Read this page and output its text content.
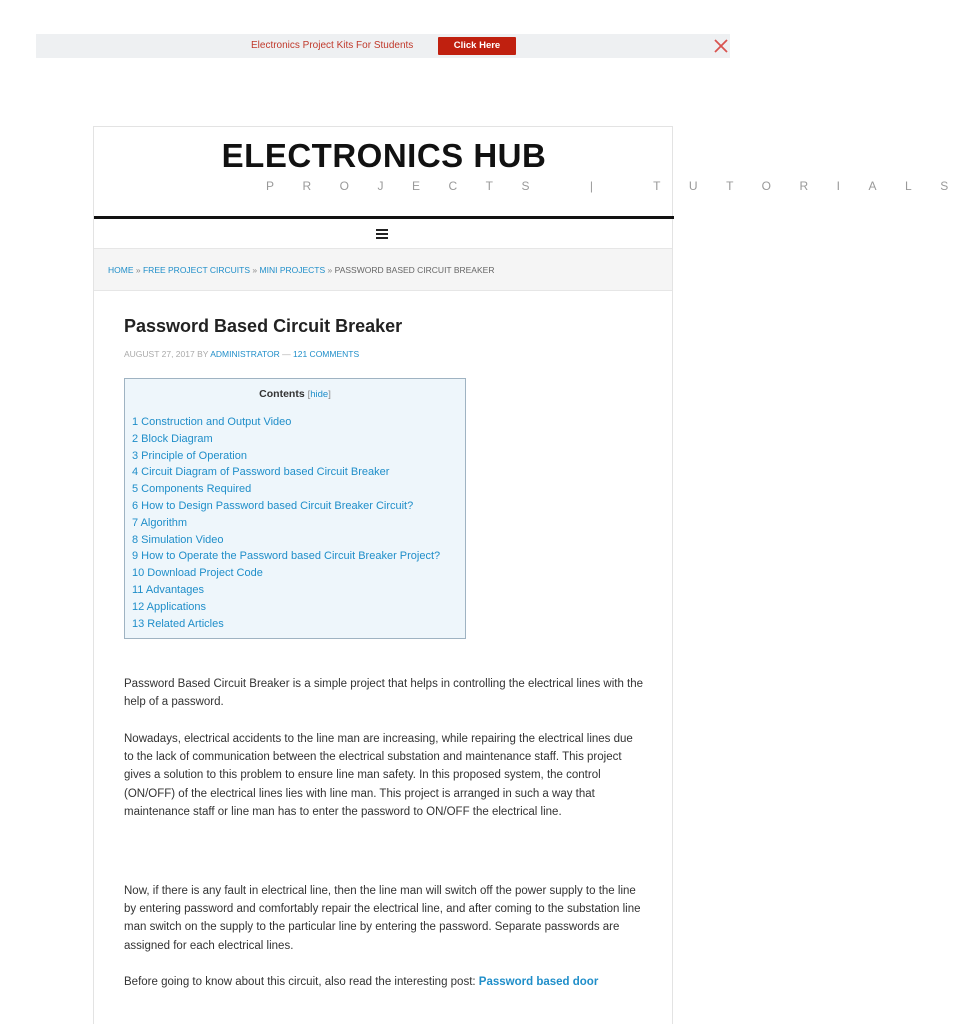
Electronics Project Kits For Students	Click Here
ELECTRONICS HUB
PROJECTS | TUTORIALS
HOME » FREE PROJECT CIRCUITS » MINI PROJECTS » PASSWORD BASED CIRCUIT BREAKER
Password Based Circuit Breaker
AUGUST 27, 2017 BY ADMINISTRATOR — 121 COMMENTS
Contents [hide]
1 Construction and Output Video
2 Block Diagram
3 Principle of Operation
4 Circuit Diagram of Password based Circuit Breaker
5 Components Required
6 How to Design Password based Circuit Breaker Circuit?
7 Algorithm
8 Simulation Video
9 How to Operate the Password based Circuit Breaker Project?
10 Download Project Code
11 Advantages
12 Applications
13 Related Articles

Password Based Circuit Breaker is a simple project that helps in controlling the electrical lines with the help of a password.

Nowadays, electrical accidents to the line man are increasing, while repairing the electrical lines due to the lack of communication between the electrical substation and maintenance staff. This project gives a solution to this problem to ensure line man safety. In this proposed system, the control (ON/OFF) of the electrical lines lies with line man. This project is arranged in such a way that maintenance staff or line man has to enter the password to ON/OFF the electrical line.

Now, if there is any fault in electrical line, then the line man will switch off the power supply to the line by entering password and comfortably repair the electrical line, and after coming to the substation line man switch on the supply to the particular line by entering the password. Separate passwords are assigned for each electrical lines.

Before going to know about this circuit, also read the interesting post: Password based door
